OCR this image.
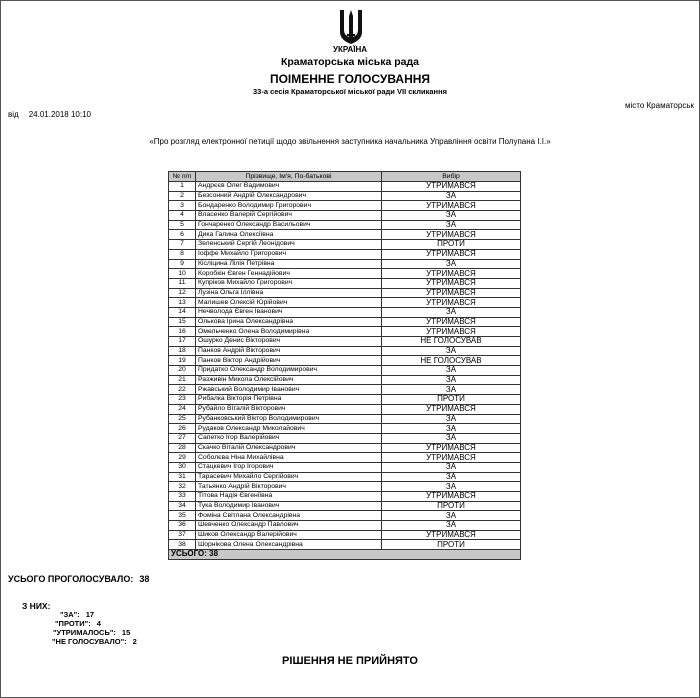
УКРАЇНА
Краматорська міська рада
ПОІМЕННЕ ГОЛОСУВАННЯ
33-а сесія Краматорської міської ради VII скликання
місто Краматорськ
від 24.01.2018 10:10
«Про розгляд електронної петиції щодо звільнення заступника начальника Управління освіти Полупана І.І.»
№ п/п	Прізвище, Ім'я, По-батькові	Вибір
1	Андрєєв Олег Вадимович	УТРИМАВСЯ
2	Безсонний Андрій Олександрович	ЗА
3	Бондаренко Володимир Григорович	УТРИМАВСЯ
4	Власенко Валерій Сергійович	ЗА
5	Гончаренко Олександр Васильович	ЗА
6	Дика Галина Олексіївна	УТРИМАВСЯ
7	Зеленський Сергій Леонідович	ПРОТИ
8	Іоффе Михайло Григорович	УТРИМАВСЯ
9	Кісліцина Лілія Петрівна	ЗА
10	Коробкін Євген Геннадійович	УТРИМАВСЯ
11	Купріков Михайло Григорович	УТРИМАВСЯ
12	Лузіна Ольга Іллівна	УТРИМАВСЯ
13	Малишев Олексій Юрійович	УТРИМАВСЯ
14	Нечволода Євген Іванович	ЗА
15	Олькова Ірина Олександрівна	УТРИМАВСЯ
16	Омельченко Олена Володимирівна	УТРИМАВСЯ
17	Ошурко Денис Вікторович	НЕ ГОЛОСУВАВ
18	Панков Андрій Вікторович	ЗА
19	Панков Віктор Андрійович	НЕ ГОЛОСУВАВ
20	Придатко Олександр Володимирович	ЗА
21	Разживін Микола Олексійович	ЗА
22	Ржавський Володимир Іванович	ЗА
23	Рибалка Вікторія Петрівна	ПРОТИ
24	Рубайло Віталій Вікторович	УТРИМАВСЯ
25	Рубанковський Віктор Володимирович	ЗА
26	Рудаков Олександр Миколайович	ЗА
27	Сапетко Ігор Валерійович	ЗА
28	Скачко Віталій Олександрович	УТРИМАВСЯ
29	Соболєва Ніна Михайлівна	УТРИМАВСЯ
30	Стацкевич Ігор Ігорович	ЗА
31	Тарасевич Михайло Сергійович	ЗА
32	Татьянко Андрій Вікторович	ЗА
33	Тітова Надія Євгеніївна	УТРИМАВСЯ
34	Тука Володимир Іванович	ПРОТИ
35	Фоміна Світлана Олександрівна	ЗА
36	Шевченко Олександр Павлович	ЗА
37	Шиков Олександр Валерійович	УТРИМАВСЯ
38	Шорнікова Олена Олександрівна	ПРОТИ
УСЬОГО: 38		
УСЬОГО ПРОГОЛОСУВАЛО: 38
З НИХ:
"ЗА": 17
"ПРОТИ": 4
"УТРИМАЛОСЬ": 15
"НЕ ГОЛОСУВАЛО": 2
РІШЕННЯ НЕ ПРИЙНЯТО
